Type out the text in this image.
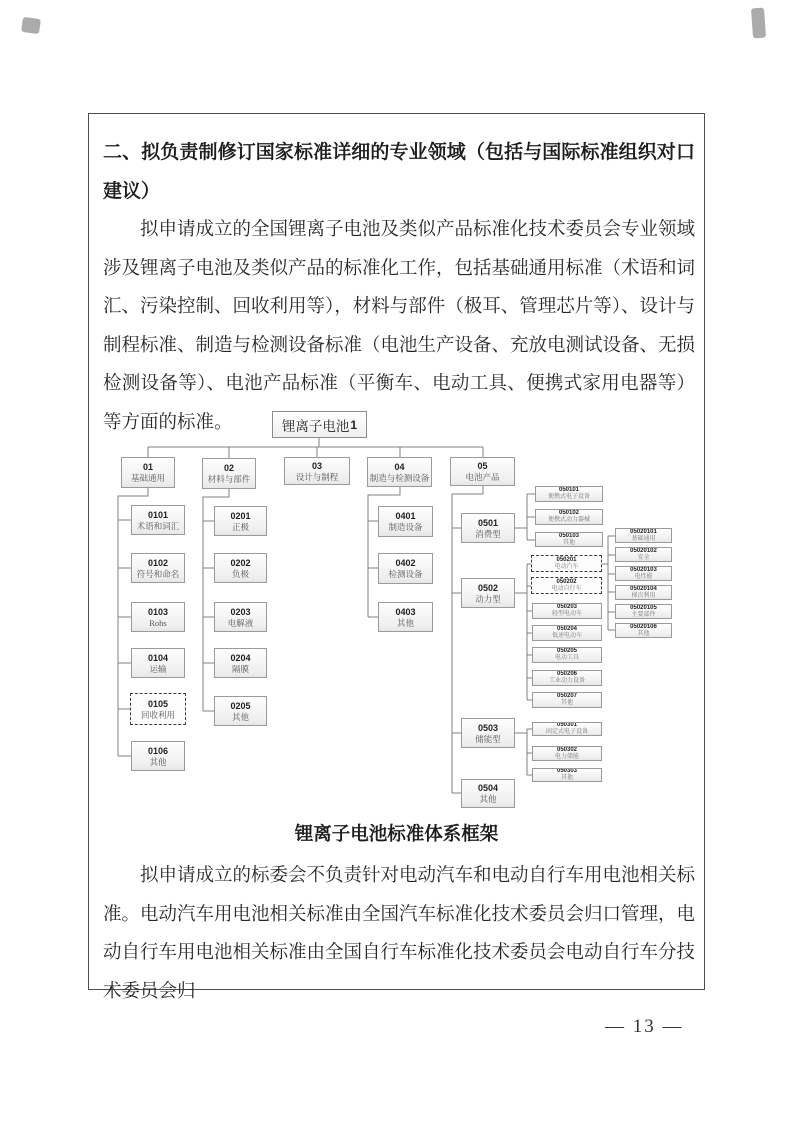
二、拟负责制修订国家标准详细的专业领域（包括与国际标准组织对口建议）
拟申请成立的全国锂离子电池及类似产品标准化技术委员会专业领域涉及锂离子电池及类似产品的标准化工作，包括基础通用标准（术语和词汇、污染控制、回收利用等），材料与部件（极耳、管理芯片等）、设计与制程标准、制造与检测设备标准（电池生产设备、充放电测试设备、无损检测设备等）、电池产品标准（平衡车、电动工具、便携式家用电器等）等方面的标准。	锂离子电池 1
01
基础通用
02
材料与部件
03
设计与制程
04
制造与检测设备
05
电池产品
0101
术语和词汇
0102
符号和命名
0103
Rohs
0104
运输
0105
回收利用
0106
其他
0201
正极
0202
负极
0203
电解液
0204
隔膜
0205
其他
0401
制造设备
0402
检测设备
0403
其他
0501
消费型
0502
动力型
0503
储能型
0504
其他
050101
便携式电子设备
050102
便携式动力器械
050103
其他
050201
电动汽车
050202
电动自行车
050203
轻型电动车
050204
低速电动车
050205
电动工具
050206
工业动力设备
050207
其他
05020101
基础通用
05020102
安全
05020103
电性能
05020104
梯次利用
05020105
主要部件
05020106
其他
050301
固定式电子设备
050302
电力储能
050303
其他
锂离子电池标准体系框架
拟申请成立的标委会不负责针对电动汽车和电动自行车用电池相关标准。电动汽车用电池相关标准由全国汽车标准化技术委员会归口管理，电动自行车用电池相关标准由全国自行车标准化技术委员会电动自行车分技术委员会归
— 13 —
